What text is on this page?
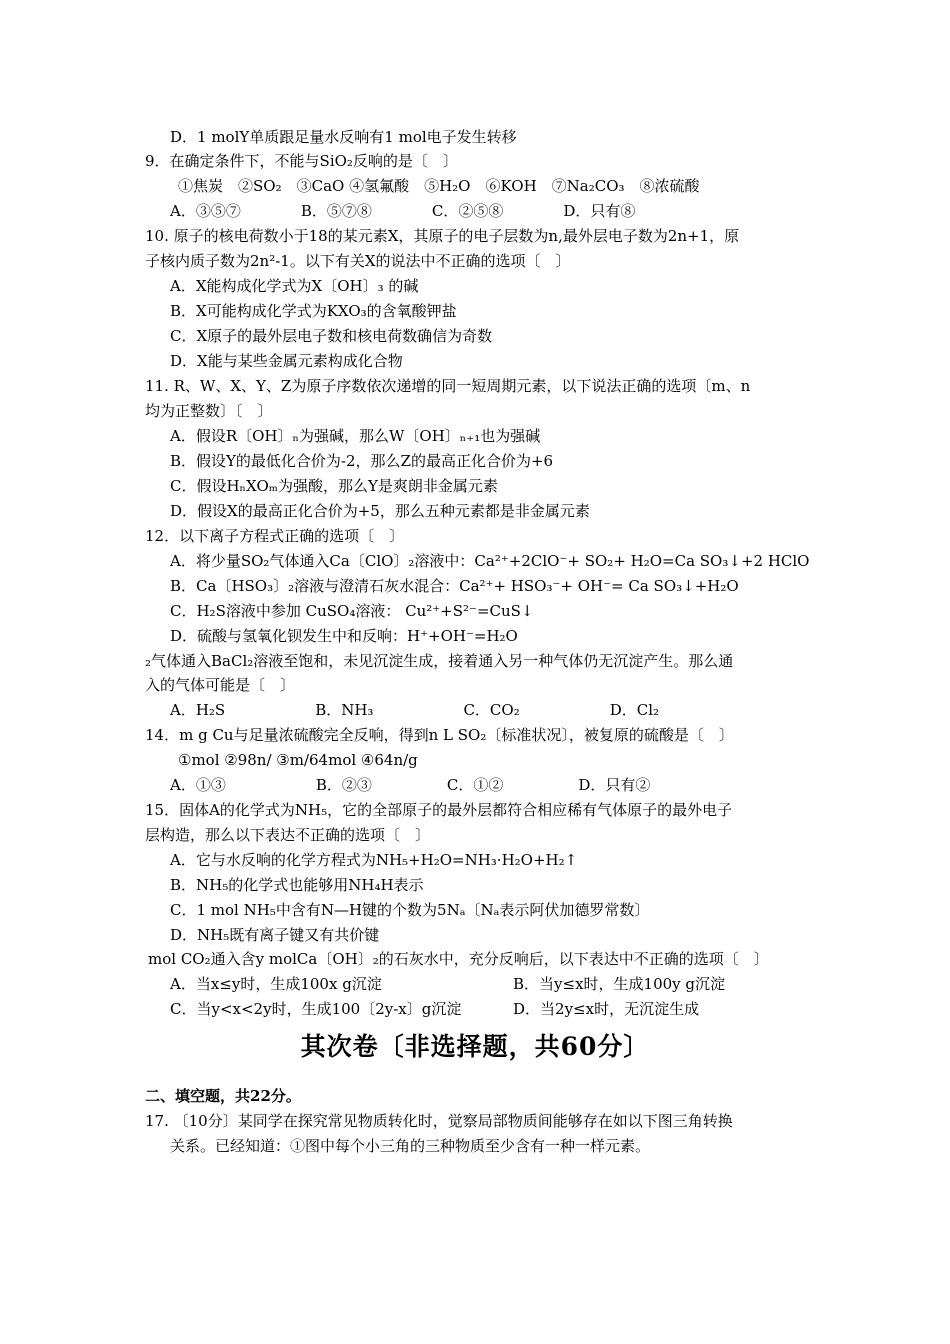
D．1 molY单质跟足量水反响有1 mol电子发生转移
9．在确定条件下，不能与SiO₂反响的是〔　〕
①焦炭　②SO₂　③CaO ④氢氟酸　⑤H₂O　⑥KOH　⑦Na₂CO₃　⑧浓硫酸
A．③⑤⑦　　　　B．⑤⑦⑧　　　　C．②⑤⑧　　　　D．只有⑧
10. 原子的核电荷数小于18的某元素X，其原子的电子层数为n,最外层电子数为2n+1，原
子核内质子数为2n²-1。以下有关X的说法中不正确的选项〔　〕
A．X能构成化学式为X〔OH〕₃ 的碱
B．X可能构成化学式为KXO₃的含氧酸钾盐
C．X原子的最外层电子数和核电荷数确信为奇数
D．X能与某些金属元素构成化合物
11. R、W、X、Y、Z为原子序数依次递增的同一短周期元素，以下说法正确的选项〔m、n
均为正整数〕〔　〕
A．假设R〔OH〕ₙ为强碱，那么W〔OH〕ₙ₊₁也为强碱
B．假设Y的最低化合价为-2，那么Z的最高正化合价为+6
C．假设HₙXOₘ为强酸，那么Y是爽朗非金属元素
D．假设X的最高正化合价为+5，那么五种元素都是非金属元素
12．以下离子方程式正确的选项〔　〕
A．将少量SO₂气体通入Ca〔ClO〕₂溶液中：Ca²⁺+2ClO⁻+ SO₂+ H₂O=Ca SO₃↓+2 HClO
B．Ca〔HSO₃〕₂溶液与澄清石灰水混合：Ca²⁺+ HSO₃⁻+ OH⁻= Ca SO₃↓+H₂O
C．H₂S溶液中参加 CuSO₄溶液： Cu²⁺+S²⁻=CuS↓
D．硫酸与氢氧化钡发生中和反响：H⁺+OH⁻=H₂O
₂气体通入BaCl₂溶液至饱和，未见沉淀生成，接着通入另一种气体仍无沉淀产生。那么通
入的气体可能是〔　〕
A．H₂S　　　　　　B．NH₃　　　　　　C．CO₂　　　　　　D．Cl₂
14．m g Cu与足量浓硫酸完全反响，得到n L SO₂〔标准状况〕，被复原的硫酸是〔　〕
①mol ②98n/ ③m/64mol ④64n/g
A．①③　　　　　　B．②③　　　　　C．①②　　　　　D．只有②
15．固体A的化学式为NH₅，它的全部原子的最外层都符合相应稀有气体原子的最外电子
层构造，那么以下表达不正确的选项〔　〕
A．它与水反响的化学方程式为NH₅+H₂O=NH₃·H₂O+H₂↑
B．NH₅的化学式也能够用NH₄H表示
C．1 mol NH₅中含有N—H键的个数为5Nₐ〔Nₐ表示阿伏加德罗常数〕
D．NH₅既有离子键又有共价键
mol CO₂通入含y molCa〔OH〕₂的石灰水中，充分反响后，以下表达中不正确的选项〔　〕
A．当x≤y时，生成100x g沉淀	B．当y≤x时，生成100y g沉淀
C．当y<x<2y时，生成100〔2y-x〕g沉淀	D．当2y≤x时，无沉淀生成
其次卷〔非选择题，共60分〕
二、填空题，共22分。
17. 〔10分〕某同学在探究常见物质转化时，觉察局部物质间能够存在如以下图三角转换
关系。已经知道：①图中每个小三角的三种物质至少含有一种一样元素。
